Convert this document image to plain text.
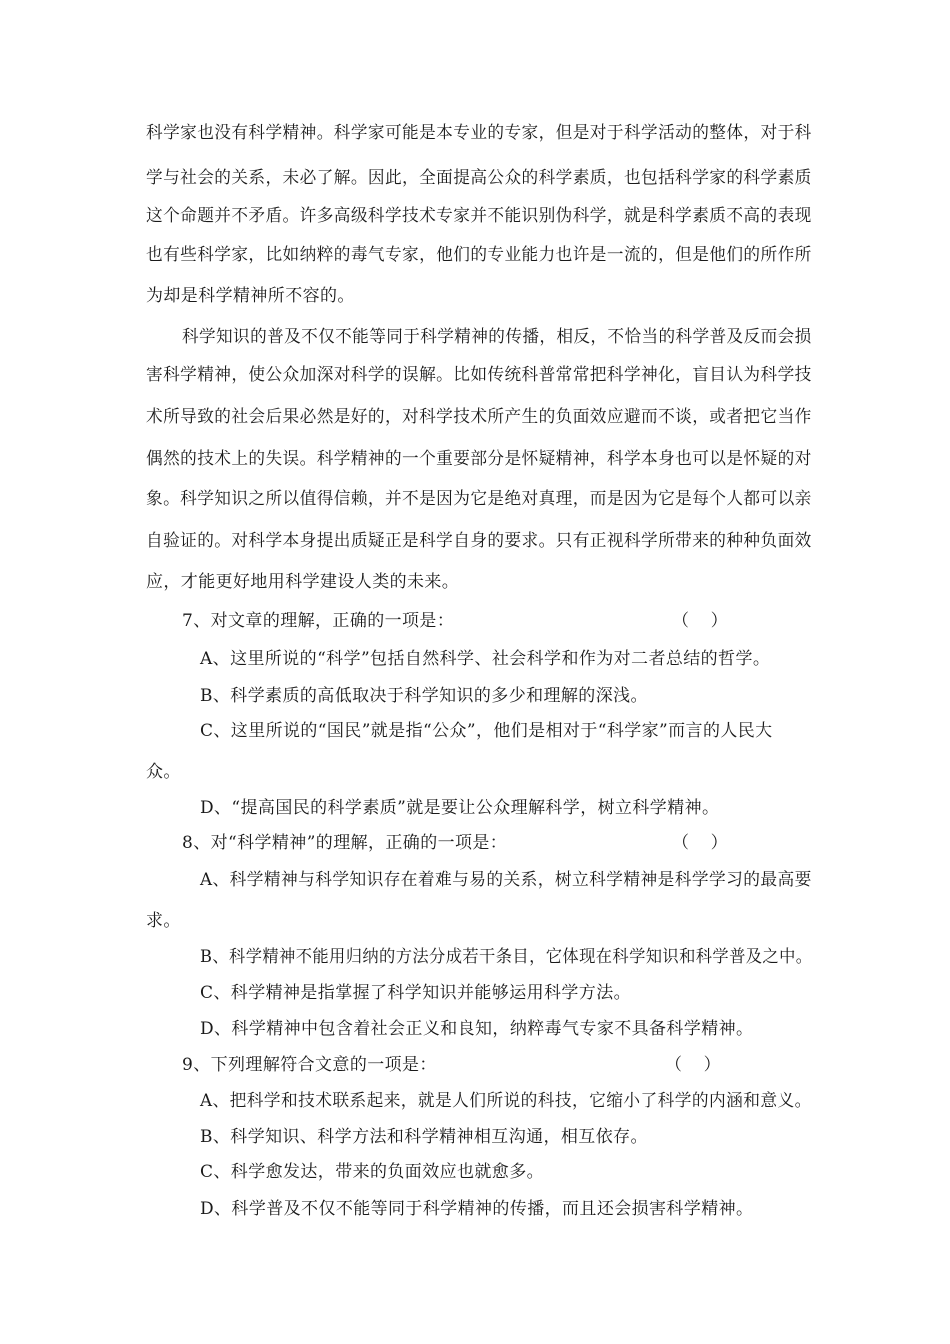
科学家也没有科学精神。科学家可能是本专业的专家，但是对于科学活动的整体，对于科
学与社会的关系，未必了解。因此，全面提高公众的科学素质，也包括科学家的科学素质
这个命题并不矛盾。许多高级科学技术专家并不能识别伪科学，就是科学素质不高的表现
也有些科学家，比如纳粹的毒气专家，他们的专业能力也许是一流的，但是他们的所作所
为却是科学精神所不容的。
科学知识的普及不仅不能等同于科学精神的传播，相反，不恰当的科学普及反而会损
害科学精神，使公众加深对科学的误解。比如传统科普常常把科学神化，盲目认为科学技
术所导致的社会后果必然是好的，对科学技术所产生的负面效应避而不谈，或者把它当作
偶然的技术上的失误。科学精神的一个重要部分是怀疑精神，科学本身也可以是怀疑的对
象。科学知识之所以值得信赖，并不是因为它是绝对真理，而是因为它是每个人都可以亲
自验证的。对科学本身提出质疑正是科学自身的要求。只有正视科学所带来的种种负面效
应，才能更好地用科学建设人类的未来。
7、对文章的理解，正确的一项是：	（    ）
A、这里所说的“科学”包括自然科学、社会科学和作为对二者总结的哲学。
B、科学素质的高低取决于科学知识的多少和理解的深浅。
C、这里所说的“国民”就是指“公众”，他们是相对于“科学家”而言的人民大
众。
D、“提高国民的科学素质”就是要让公众理解科学，树立科学精神。
8、对“科学精神”的理解，正确的一项是：	（    ）
A、科学精神与科学知识存在着难与易的关系，树立科学精神是科学学习的最高要
求。
B、科学精神不能用归纳的方法分成若干条目，它体现在科学知识和科学普及之中。
C、科学精神是指掌握了科学知识并能够运用科学方法。
D、科学精神中包含着社会正义和良知，纳粹毒气专家不具备科学精神。
9、下列理解符合文意的一项是：	（    ）
A、把科学和技术联系起来，就是人们所说的科技，它缩小了科学的内涵和意义。
B、科学知识、科学方法和科学精神相互沟通，相互依存。
C、科学愈发达，带来的负面效应也就愈多。
D、科学普及不仅不能等同于科学精神的传播，而且还会损害科学精神。
